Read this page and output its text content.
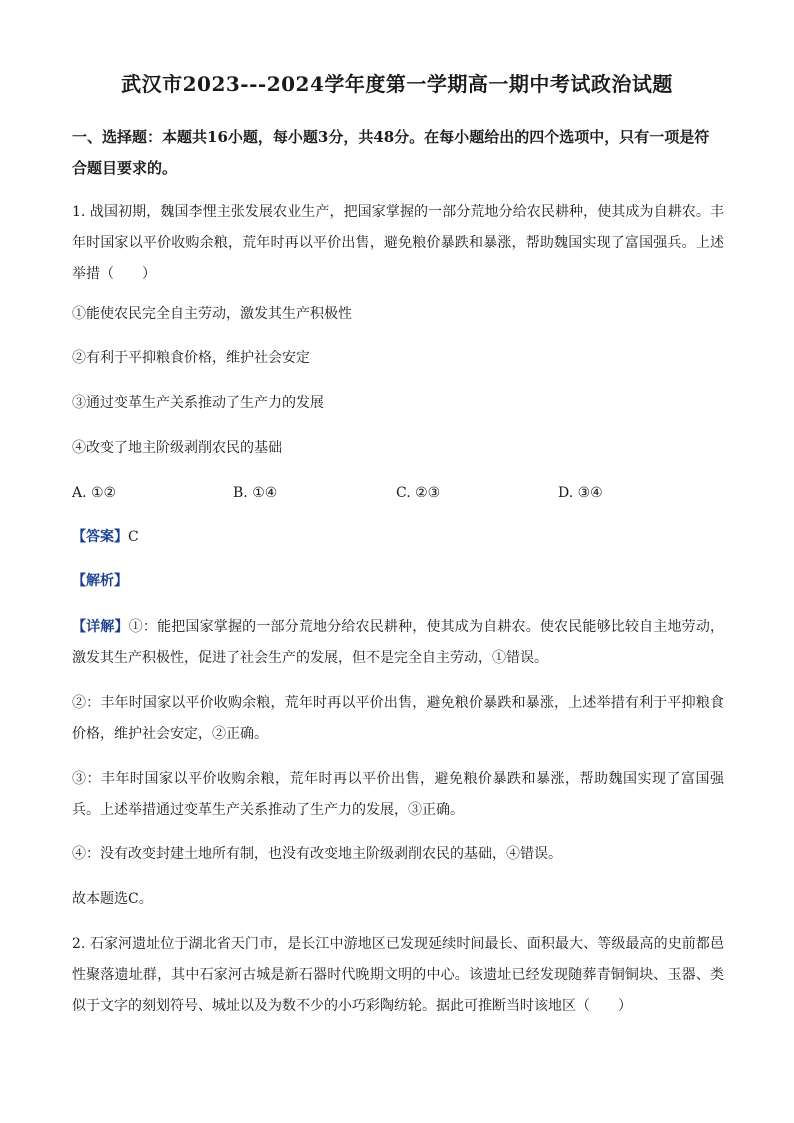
武汉市2023---2024学年度第一学期高一期中考试政治试题
一、选择题：本题共16小题，每小题3分，共48分。在每小题给出的四个选项中，只有一项是符合题目要求的。
1. 战国初期，魏国李悝主张发展农业生产，把国家掌握的一部分荒地分给农民耕种，使其成为自耕农。丰年时国家以平价收购余粮，荒年时再以平价出售，避免粮价暴跌和暴涨，帮助魏国实现了富国强兵。上述举措（　　）
①能使农民完全自主劳动，激发其生产积极性
②有利于平抑粮食价格，维护社会安定
③通过变革生产关系推动了生产力的发展
④改变了地主阶级剥削农民的基础
A. ①②	B. ①④	C. ②③	D. ③④
【答案】C
【解析】
【详解】①：能把国家掌握的一部分荒地分给农民耕种，使其成为自耕农。使农民能够比较自主地劳动，激发其生产积极性，促进了社会生产的发展，但不是完全自主劳动，①错误。
②：丰年时国家以平价收购余粮，荒年时再以平价出售，避免粮价暴跌和暴涨，上述举措有利于平抑粮食价格，维护社会安定，②正确。
③：丰年时国家以平价收购余粮，荒年时再以平价出售，避免粮价暴跌和暴涨，帮助魏国实现了富国强兵。上述举措通过变革生产关系推动了生产力的发展，③正确。
④：没有改变封建土地所有制，也没有改变地主阶级剥削农民的基础，④错误。
故本题选C。
2. 石家河遗址位于湖北省天门市，是长江中游地区已发现延续时间最长、面积最大、等级最高的史前都邑性聚落遗址群，其中石家河古城是新石器时代晚期文明的中心。该遗址已经发现随葬青铜铜块、玉器、类似于文字的刻划符号、城址以及为数不少的小巧彩陶纺轮。据此可推断当时该地区（　　）
